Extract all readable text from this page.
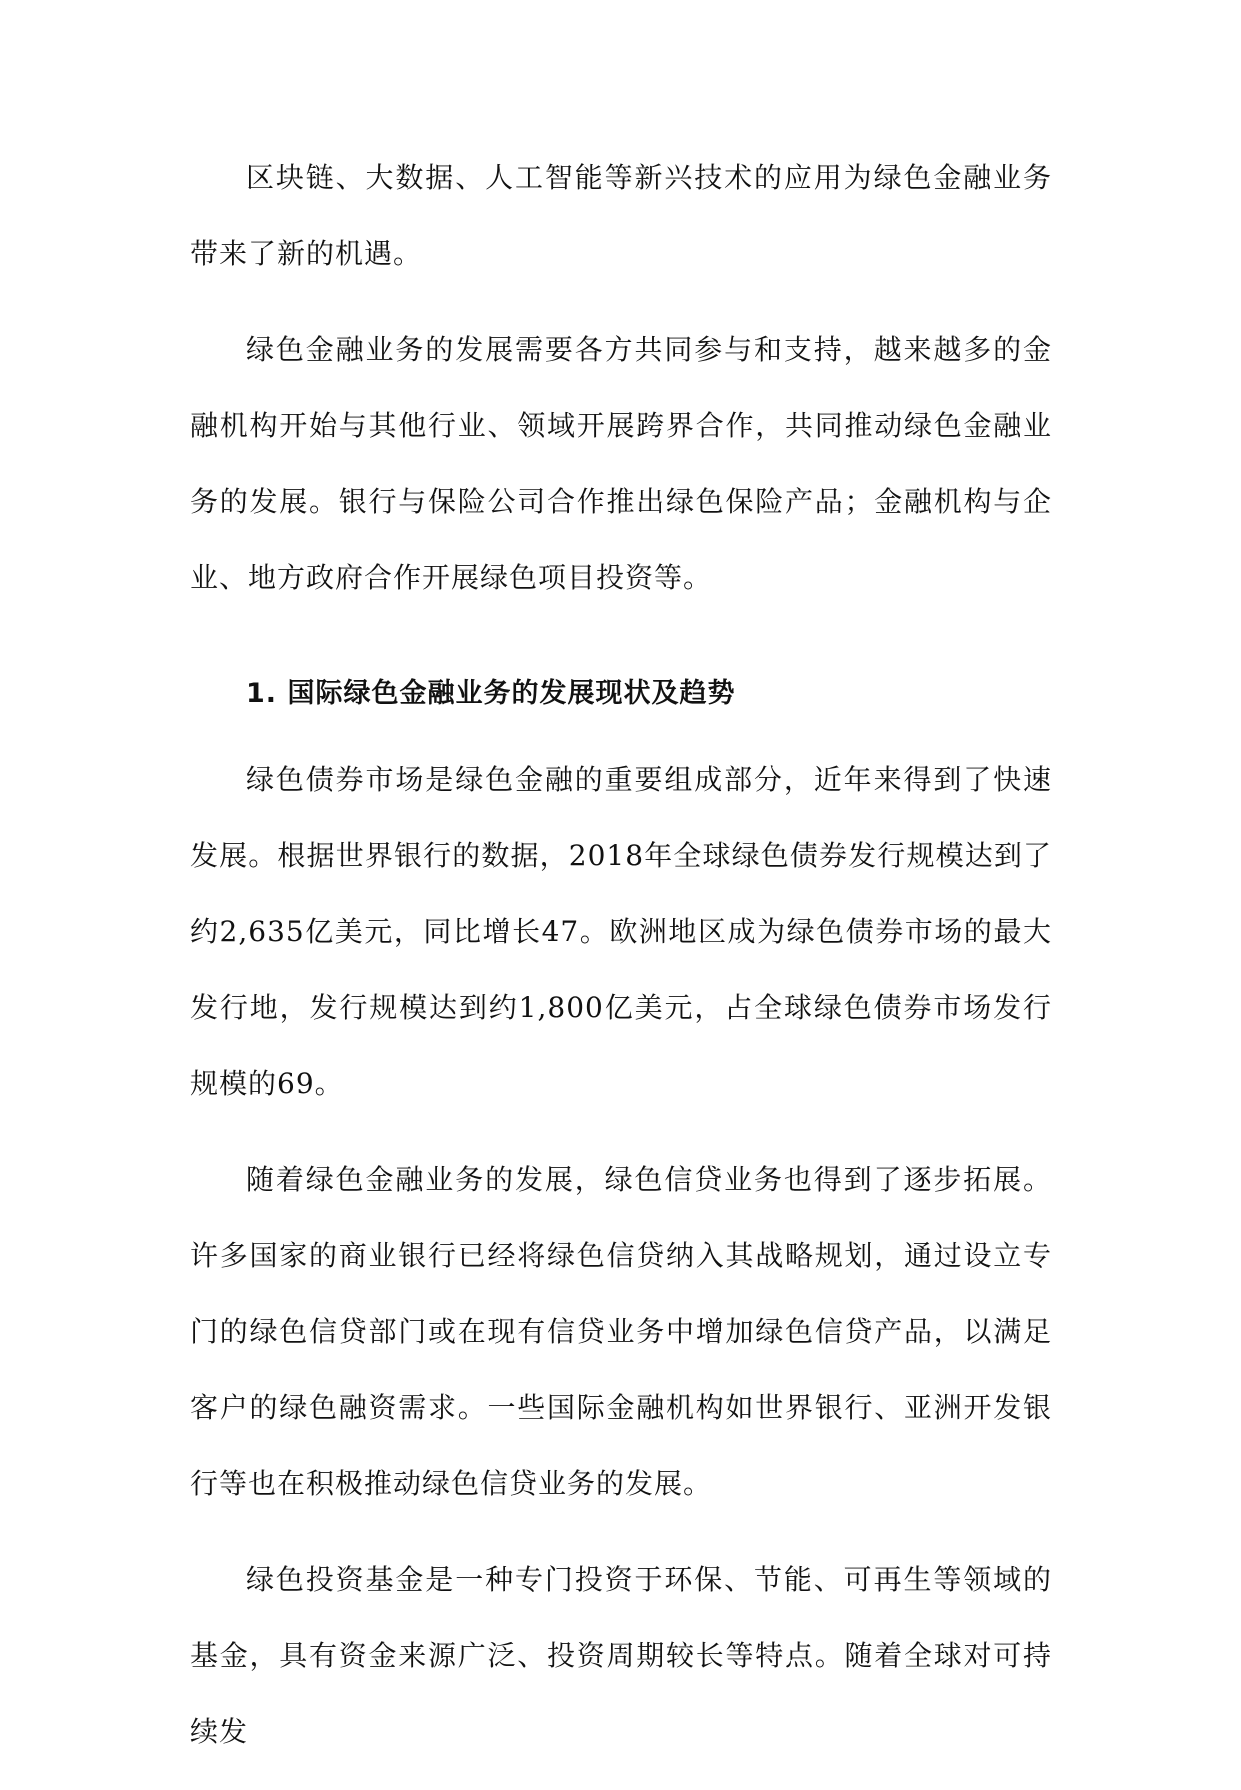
区块链、大数据、人工智能等新兴技术的应用为绿色金融业务带来了新的机遇。

绿色金融业务的发展需要各方共同参与和支持，越来越多的金融机构开始与其他行业、领域开展跨界合作，共同推动绿色金融业务的发展。银行与保险公司合作推出绿色保险产品；金融机构与企业、地方政府合作开展绿色项目投资等。

1. 国际绿色金融业务的发展现状及趋势

绿色债券市场是绿色金融的重要组成部分，近年来得到了快速发展。根据世界银行的数据，2018年全球绿色债券发行规模达到了约2,635亿美元，同比增长47。欧洲地区成为绿色债券市场的最大发行地，发行规模达到约1,800亿美元，占全球绿色债券市场发行规模的69。

随着绿色金融业务的发展，绿色信贷业务也得到了逐步拓展。许多国家的商业银行已经将绿色信贷纳入其战略规划，通过设立专门的绿色信贷部门或在现有信贷业务中增加绿色信贷产品，以满足客户的绿色融资需求。一些国际金融机构如世界银行、亚洲开发银行等也在积极推动绿色信贷业务的发展。

绿色投资基金是一种专门投资于环保、节能、可再生等领域的基金，具有资金来源广泛、投资周期较长等特点。随着全球对可持续发
